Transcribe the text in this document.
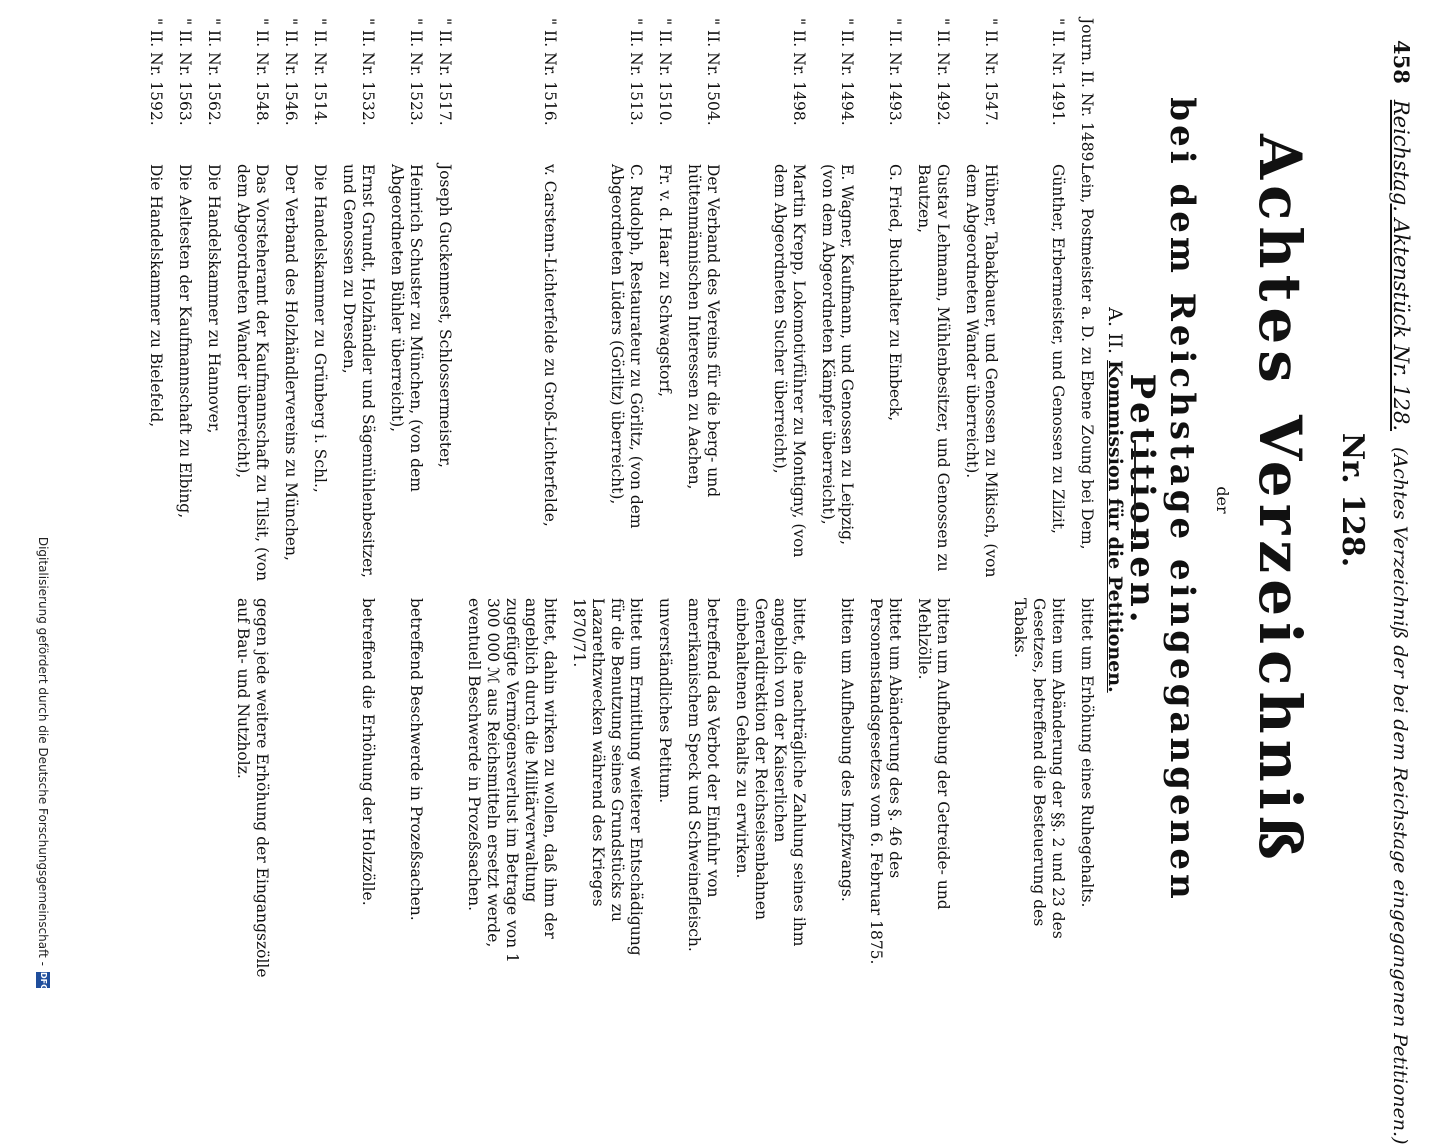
458
Reichstag. Aktenstück Nr. 128.
(Achtes Verzeichniß der bei dem Reichstage eingegangenen Petitionen.)
Nr. 128.
Achtes Verzeichniß
der
bei dem Reichstage eingegangenen Petitionen.
A. II. Kommission für die Petitionen.
Journ. II. Nr. 1489.
Lein, Postmeister a. D. zu Ebene Zoung bei Dem,
bittet um Erhöhung eines Ruhegehalts.
" II. Nr. 1491.
Günther, Erbermeister, und Genossen zu Zilzit,
bitten um Abänderung der §§. 2 und 23 des Gesetzes, betreffend die Besteuerung des Tabaks.
" II. Nr. 1547.
Hübner, Tabakbauer, und Genossen zu Mikisch, (von dem Abgeordneten Wander überreicht).
" II. Nr. 1492.
Gustav Lehmann, Mühlenbesitzer, und Genossen zu Bautzen,
bitten um Aufhebung der Getreide- und Mehlzölle.
" II. Nr. 1493.
G. Fried, Buchhalter zu Einbeck,
bittet um Abänderung des §. 46 des Personenstandsgesetzes vom 6. Februar 1875.
" II. Nr. 1494.
E. Wagner, Kaufmann, und Genossen zu Leipzig, (von dem Abgeordneten Kämpfer überreicht),
bitten um Aufhebung des Impfzwangs.
" II. Nr. 1498.
Martin Krepp, Lokomotivführer zu Montigny, (von dem Abgeordneten Sucher überreicht),
bittet, die nachträgliche Zahlung seines ihm angeblich von der Kaiserlichen Generaldirektion der Reichseisenbahnen einbehaltenen Gehalts zu erwirken.
" II. Nr. 1504.
Der Verband des Vereins für die berg- und hüttenmännischen Interessen zu Aachen,
betreffend das Verbot der Einfuhr von amerikanischem Speck und Schweinefleisch.
" II. Nr. 1510.
Fr. v. d. Haar zu Schwagstorf,
unverständliches Petitum.
" II. Nr. 1513.
C. Rudolph, Restaurateur zu Görlitz, (von dem Abgeordneten Lüders (Görlitz) überreicht),
bittet um Ermittlung weiterer Entschädigung für die Benutzung seines Grundstücks zu Lazarethzwecken während des Krieges 1870/71.
" II. Nr. 1516.
v. Carstenn-Lichterfelde zu Groß-Lichterfelde,
bittet, dahin wirken zu wollen, daß ihm der angeblich durch die Militärverwaltung zugefügte Vermögensverlust im Betrage von 1 300 000 ℳ aus Reichsmitteln ersetzt werde, eventuell Beschwerde in Prozeßsachen.
" II. Nr. 1517.
Joseph Guckenmest, Schlossermeister,
" II. Nr. 1523.
Heinrich Schuster zu München, (von dem Abgeordneten Bühler überreicht),
betreffend Beschwerde in Prozeßsachen.
" II. Nr. 1532.
Ernst Grundt, Holzhändler und Sägemühlenbesitzer, und Genossen zu Dresden,
betreffend die Erhöhung der Holzzölle.
" II. Nr. 1514.
Die Handelskammer zu Grünberg i. Schl.,
" II. Nr. 1546.
Der Verband des Holzhändlervereins zu München,
" II. Nr. 1548.
Das Vorsteheramt der Kaufmannschaft zu Tilsit, (von dem Abgeordneten Wander überreicht),
gegen jede weitere Erhöhung der Eingangszölle auf Bau- und Nutzholz.
" II. Nr. 1562.
Die Handelskammer zu Hannover,
" II. Nr. 1563.
Die Aeltesten der Kaufmannschaft zu Elbing,
" II. Nr. 1592.
Die Handelskammer zu Bielefeld,
Digitalisierung gefördert durch die Deutsche Forschungsgemeinschaft -
DFG
